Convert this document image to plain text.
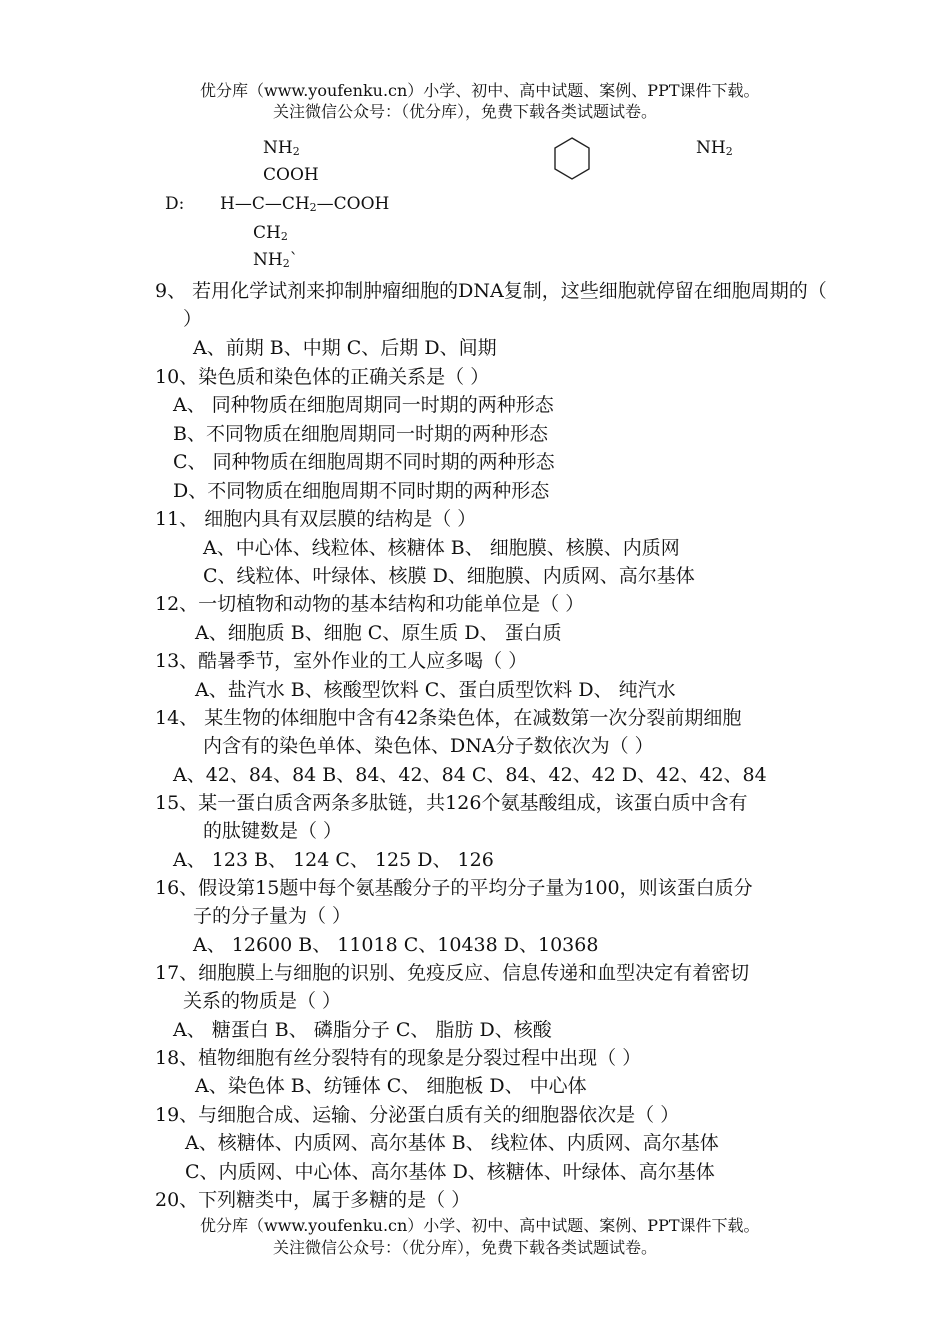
优分库（www.youfenku.cn）小学、初中、高中试题、案例、PPT课件下载。
关注微信公众号：（优分库），免费下载各类试题试卷。
$NH_2$
COOH
D: $H—C—CH_2—COOH$
$CH_2$
$NH_2`$
$NH_2$
9、 若用化学试剂来抑制肿瘤细胞的DNA复制，这些细胞就停留在细胞周期的（
）
A、前期 B、中期 C、后期 D、间期
10、染色质和染色体的正确关系是（ ）
A、 同种物质在细胞周期同一时期的两种形态
B、不同物质在细胞周期同一时期的两种形态
C、 同种物质在细胞周期不同时期的两种形态
D、不同物质在细胞周期不同时期的两种形态
11、 细胞内具有双层膜的结构是（ ）
A、中心体、线粒体、核糖体 B、 细胞膜、核膜、内质网
C、线粒体、叶绿体、核膜 D、细胞膜、内质网、高尔基体
12、一切植物和动物的基本结构和功能单位是（ ）
A、细胞质 B、细胞 C、原生质 D、 蛋白质
13、酷暑季节，室外作业的工人应多喝（ ）
A、盐汽水 B、核酸型饮料 C、蛋白质型饮料 D、 纯汽水
14、 某生物的体细胞中含有42条染色体，在减数第一次分裂前期细胞
内含有的染色单体、染色体、DNA分子数依次为（ ）
A、42、84、84 B、84、42、84 C、84、42、42 D、42、42、84
15、某一蛋白质含两条多肽链，共126个氨基酸组成，该蛋白质中含有
的肽键数是（ ）
A、 123 B、 124 C、 125 D、 126
16、假设第15题中每个氨基酸分子的平均分子量为100，则该蛋白质分
子的分子量为（ ）
A、 12600 B、 11018 C、10438 D、10368
17、细胞膜上与细胞的识别、免疫反应、信息传递和血型决定有着密切
关系的物质是（ ）
A、 糖蛋白 B、 磷脂分子 C、 脂肪 D、核酸
18、植物细胞有丝分裂特有的现象是分裂过程中出现（ ）
A、染色体 B、纺锤体 C、 细胞板 D、 中心体
19、与细胞合成、运输、分泌蛋白质有关的细胞器依次是（ ）
A、核糖体、内质网、高尔基体 B、 线粒体、内质网、高尔基体
C、内质网、中心体、高尔基体 D、核糖体、叶绿体、高尔基体
20、下列糖类中，属于多糖的是（ ）
优分库（www.youfenku.cn）小学、初中、高中试题、案例、PPT课件下载。
关注微信公众号：（优分库），免费下载各类试题试卷。
